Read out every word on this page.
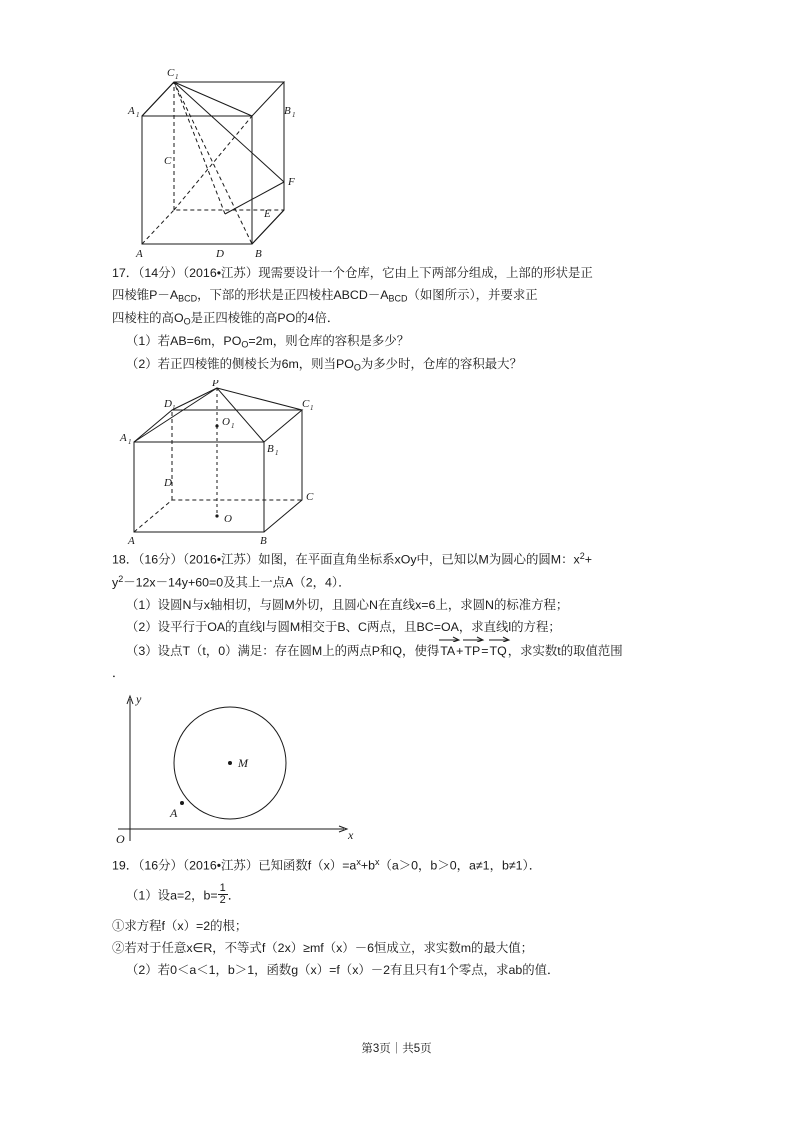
C 1
A 1	B 1
F
C
E
A	D	B

17．（14分）（2016•江苏）现需要设计一个仓库，它由上下两部分组成，上部的形状是正

四棱锥$P-A_{BCD}$，下部的形状是正四棱柱$ABCD-A_{BCD}$（如图所示），并要求正

四棱柱的高$O_O$是正四棱锥的高PO的4倍．

（1）若AB=6m，$PO_O=2m$，则仓库的容积是多少？

（2）若正四棱锥的侧棱长为6m，则当$PO_O$为多少时，仓库的容积最大？

P
D 1	C 1
A 1
O 1
B 1
D
C
O
A	B

18．（16分）（2016•江苏）如图，在平面直角坐标系xOy中，已知以M为圆心的圆M：$x^2+$

$y^2-12x-14y+60=0$及其上一点A（2，4）．

（1）设圆N与x轴相切，与圆M外切，且圆心N在直线x=6上，求圆N的标准方程；

（2）设平行于OA的直线l与圆M相交于B、C两点，且BC=OA，求直线l的方程；

（3）设点T（t，0）满足：存在圆M上的两点P和Q，使得
TA+
TP=
TQ，求实数t的取值范围

．

y
M
A
O	x

19．（16分）（2016•江苏）已知函数$f(x)=a^x+b^x(a>0$，b＞0，a≠1，b≠1）．

（1）设a=2，$b= \frac{1}{2}$ ．

①求方程f（x）=2的根；

②若对于任意x∈R，不等式f（2x）≥mf（x）－6恒成立，求实数m的最大值；

（2）若0＜a＜1，b＞1，函数g（x）=f（x）－2有且只有1个零点，求ab的值．

第3页｜共5页
